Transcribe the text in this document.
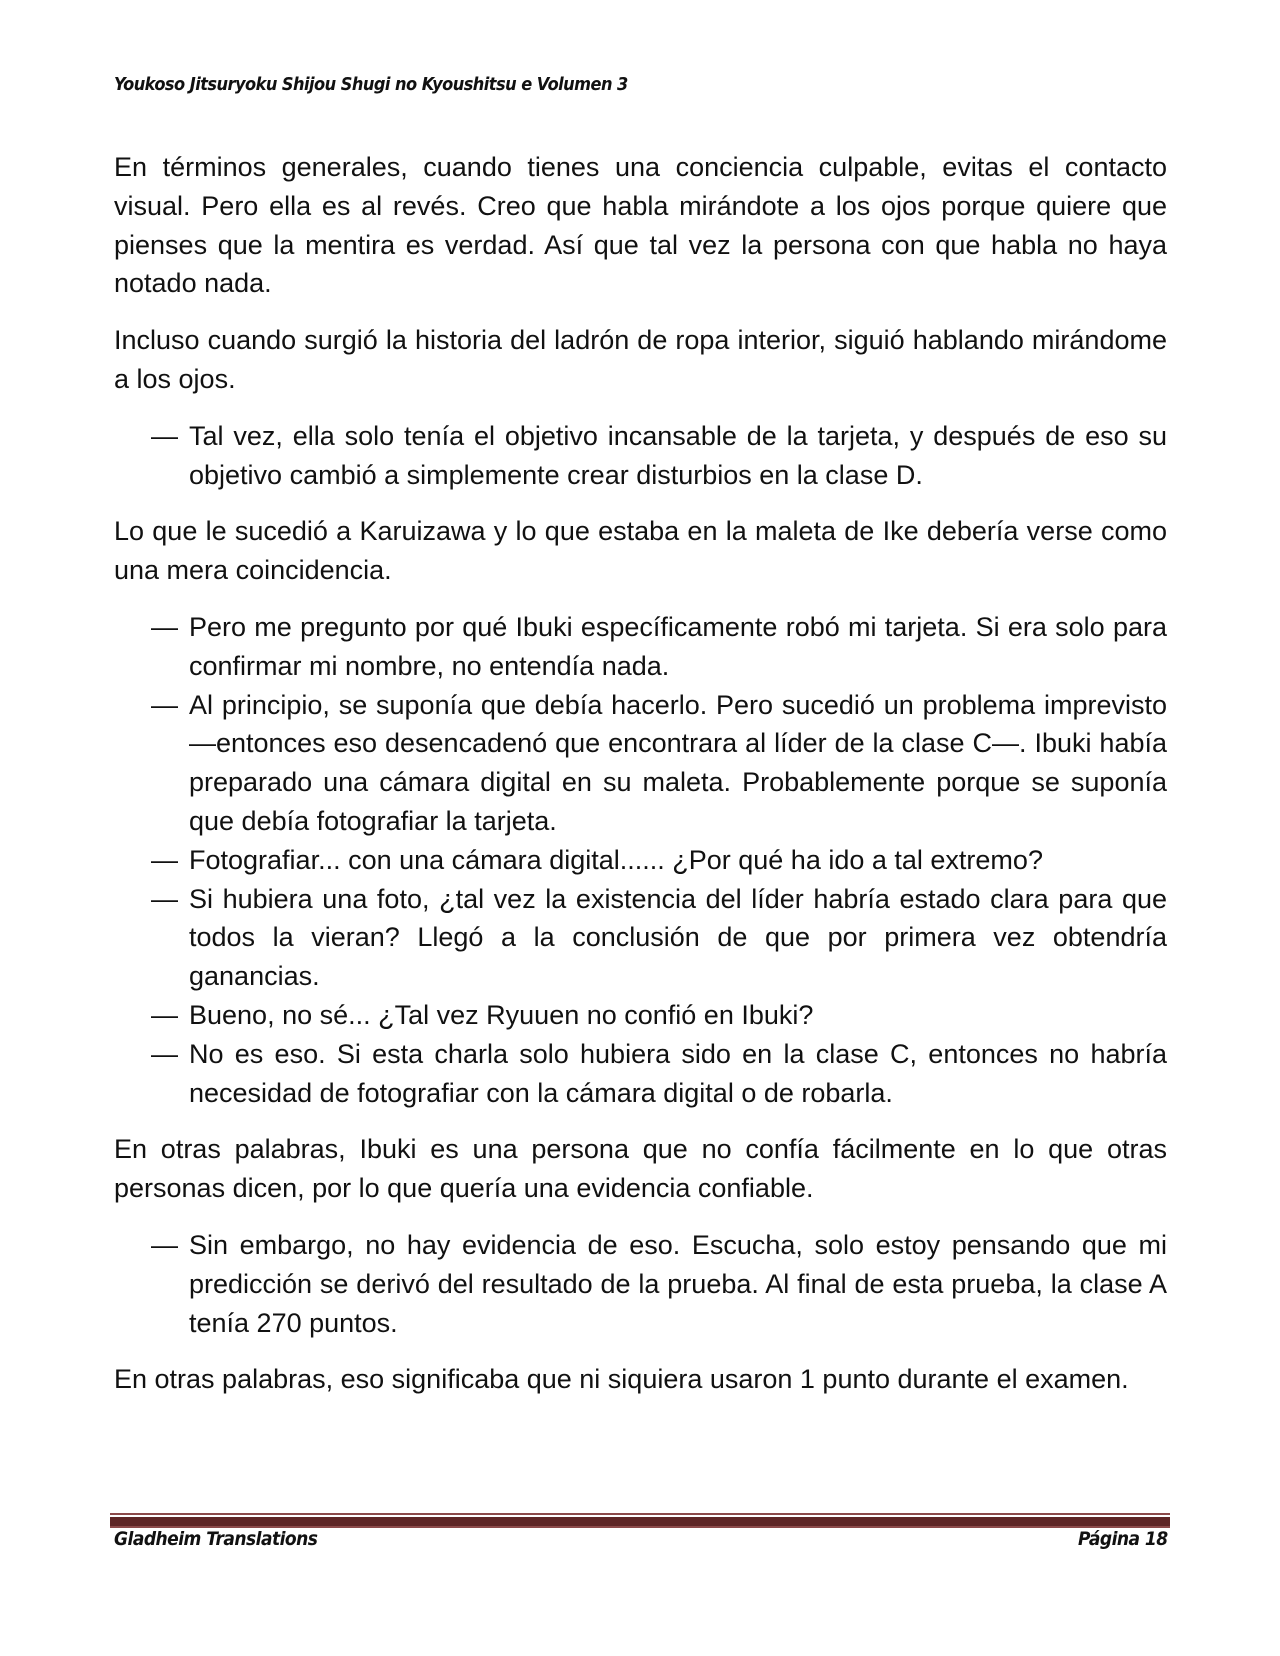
Youkoso Jitsuryoku Shijou Shugi no Kyoushitsu e Volumen 3

En términos generales, cuando tienes una conciencia culpable, evitas el contacto visual. Pero ella es al revés. Creo que habla mirándote a los ojos porque quiere que pienses que la mentira es verdad. Así que tal vez la persona con que habla no haya notado nada.

Incluso cuando surgió la historia del ladrón de ropa interior, siguió hablando mirándome a los ojos.

— Tal vez, ella solo tenía el objetivo incansable de la tarjeta, y después de eso su objetivo cambió a simplemente crear disturbios en la clase D.

Lo que le sucedió a Karuizawa y lo que estaba en la maleta de Ike debería verse como una mera coincidencia.

— Pero me pregunto por qué Ibuki específicamente robó mi tarjeta. Si era solo para confirmar mi nombre, no entendía nada.
— Al principio, se suponía que debía hacerlo. Pero sucedió un problema imprevisto —entonces eso desencadenó que encontrara al líder de la clase C—. Ibuki había preparado una cámara digital en su maleta. Probablemente porque se suponía que debía fotografiar la tarjeta.
— Fotografiar... con una cámara digital...... ¿Por qué ha ido a tal extremo?
— Si hubiera una foto, ¿tal vez la existencia del líder habría estado clara para que todos la vieran? Llegó a la conclusión de que por primera vez obtendría ganancias.
— Bueno, no sé... ¿Tal vez Ryuuen no confió en Ibuki?
— No es eso. Si esta charla solo hubiera sido en la clase C, entonces no habría necesidad de fotografiar con la cámara digital o de robarla.

En otras palabras, Ibuki es una persona que no confía fácilmente en lo que otras personas dicen, por lo que quería una evidencia confiable.

— Sin embargo, no hay evidencia de eso. Escucha, solo estoy pensando que mi predicción se derivó del resultado de la prueba. Al final de esta prueba, la clase A tenía 270 puntos.

En otras palabras, eso significaba que ni siquiera usaron 1 punto durante el examen.

Gladheim Translations	Página 18
